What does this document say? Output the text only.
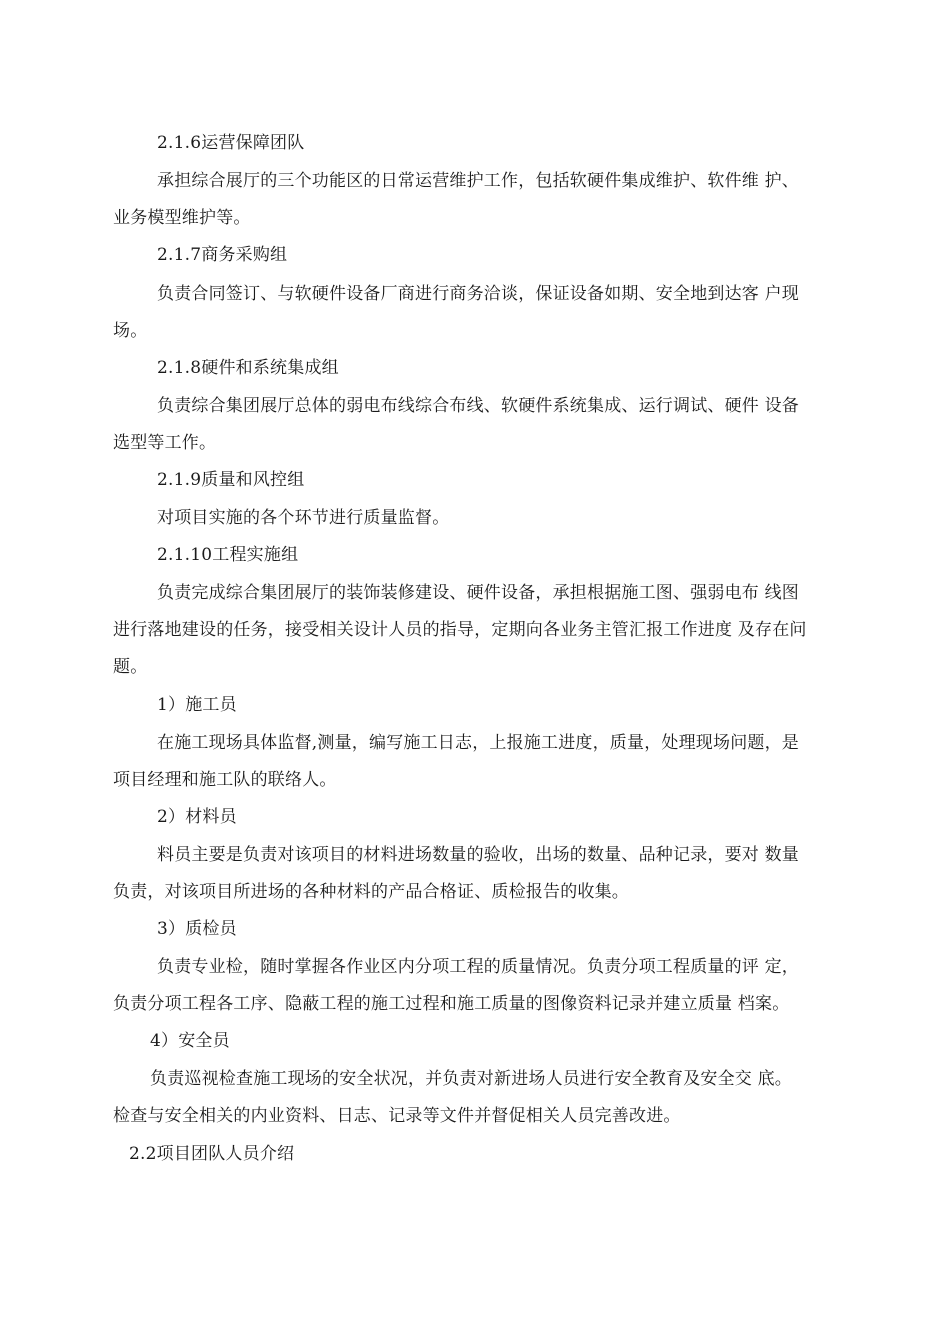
2.1.6运营保障团队
承担综合展厅的三个功能区的日常运营维护工作，包括软硬件集成维护、软件维 护、
业务模型维护等。
2.1.7商务采购组
负责合同签订、与软硬件设备厂商进行商务洽谈，保证设备如期、安全地到达客 户现
场。
2.1.8硬件和系统集成组
负责综合集团展厅总体的弱电布线综合布线、软硬件系统集成、运行调试、硬件 设备
选型等工作。
2.1.9质量和风控组
对项目实施的各个环节进行质量监督。
2.1.10工程实施组
负责完成综合集团展厅的装饰装修建设、硬件设备，承担根据施工图、强弱电布 线图
进行落地建设的任务，接受相关设计人员的指导，定期向各业务主管汇报工作进度 及存在问
题。
1）施工员
在施工现场具体监督,测量，编写施工日志，上报施工进度，质量，处理现场问题，是
项目经理和施工队的联络人。
2）材料员
料员主要是负责对该项目的材料进场数量的验收，出场的数量、品种记录，要对 数量
负责，对该项目所进场的各种材料的产品合格证、质检报告的收集。
3）质检员
负责专业检，随时掌握各作业区内分项工程的质量情况。负责分项工程质量的评 定，
负责分项工程各工序、隐蔽工程的施工过程和施工质量的图像资料记录并建立质量 档案。
4）安全员
负责巡视检查施工现场的安全状况，并负责对新进场人员进行安全教育及安全交 底。
检查与安全相关的内业资料、日志、记录等文件并督促相关人员完善改进。
2.2项目团队人员介绍
